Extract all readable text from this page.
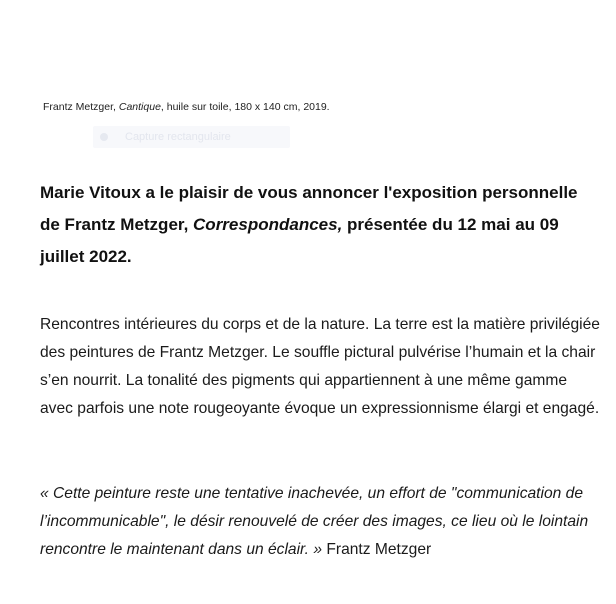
Frantz Metzger, Cantique, huile sur toile, 180 x 140 cm, 2019.
Capture rectangulaire
Marie Vitoux a le plaisir de vous annoncer l'exposition personnelle de Frantz Metzger, Correspondances, présentée du 12 mai au 09 juillet 2022.

Rencontres intérieures du corps et de la nature. La terre est la matière privilégiée des peintures de Frantz Metzger. Le souffle pictural pulvérise l’humain et la chair s’en nourrit. La tonalité des pigments qui appartiennent à une même gamme avec parfois une note rougeoyante évoque un expressionnisme élargi et engagé.

« Cette peinture reste une tentative inachevée, un effort de "communication de l’incommunicable", le désir renouvelé de créer des images, ce lieu où le lointain rencontre le maintenant dans un éclair. » Frantz Metzger
